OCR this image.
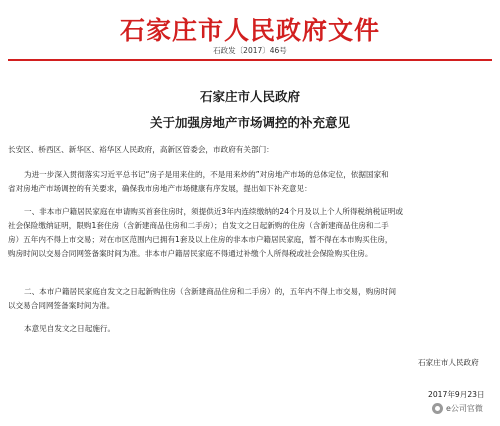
石家庄市人民政府文件
石政发〔2017〕46号
石家庄市人民政府
关于加强房地产市场调控的补充意见
长安区、桥西区、新华区、裕华区人民政府，高新区管委会，市政府有关部门：
为进一步深入贯彻落实习近平总书记“房子是用来住的，不是用来炒的”对房地产市场的总体定位，依据国家和
省对房地产市场调控的有关要求，确保我市房地产市场健康有序发展，提出如下补充意见：
一、非本市户籍居民家庭在申请购买首套住房时，须提供近3年内连续缴纳的24个月及以上个人所得税纳税证明或
社会保险缴纳证明，限购1套住房（含新建商品住房和二手房）；自发文之日起新购的住房（含新建商品住房和二手
房）五年内不得上市交易；对在市区范围内已拥有1套及以上住房的非本市户籍居民家庭，暂不得在本市购买住房，
购房时间以交易合同网签备案时间为准。非本市户籍居民家庭不得通过补缴个人所得税或社会保险购买住房。
二、本市户籍居民家庭自发文之日起新购住房（含新建商品住房和二手房）的，五年内不得上市交易，购房时间
以交易合同网签备案时间为准。
本意见自发文之日起施行。
石家庄市人民政府
2017年9月23日
e公司官微
